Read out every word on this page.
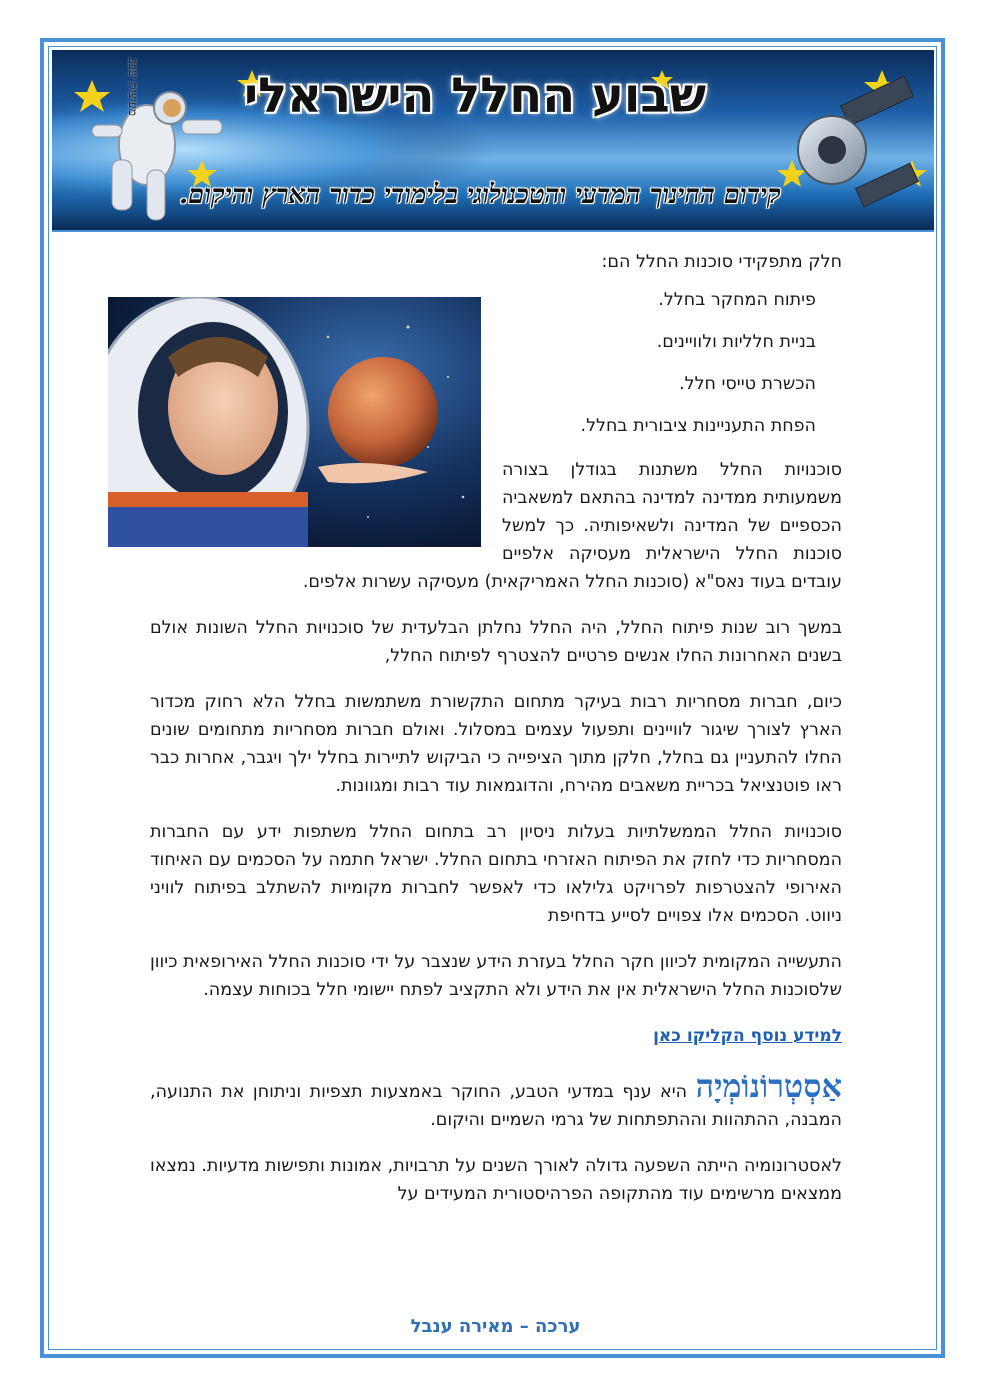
מעיצות שכב	שבוע החלל הישראלי
קידום החינוך המדעי והטכנולוגי בלימודי כדור הארץ והיקום.

חלק מתפקידי סוכנות החלל הם:

פיתוח המחקר בחלל.
בניית חלליות ולוויינים.
הכשרת טייסי חלל.
הפחת התעניינות ציבורית בחלל.

סוכנויות החלל משתנות בגודלן בצורה משמעותית ממדינה למדינה בהתאם למשאביה הכספיים של המדינה ולשאיפותיה. כך למשל סוכנות החלל הישראלית מעסיקה אלפיים עובדים בעוד נאס"א (סוכנות החלל האמריקאית) מעסיקה עשרות אלפים.

במשך רוב שנות פיתוח החלל, היה החלל נחלתן הבלעדית של סוכנויות החלל השונות אולם בשנים האחרונות החלו אנשים פרטיים להצטרף לפיתוח החלל,

כיום, חברות מסחריות רבות בעיקר מתחום התקשורת משתמשות בחלל הלא רחוק מכדור הארץ לצורך שיגור לוויינים ותפעול עצמים במסלול. ואולם חברות מסחריות מתחומים שונים החלו להתעניין גם בחלל, חלקן מתוך הציפייה כי הביקוש לתיירות בחלל ילך ויגבר, אחרות כבר ראו פוטנציאל בכריית משאבים מהירח, והדוגמאות עוד רבות ומגוונות.

סוכנויות החלל הממשלתיות בעלות ניסיון רב בתחום החלל משתפות ידע עם החברות המסחריות כדי לחזק את הפיתוח האזרחי בתחום החלל. ישראל חתמה על הסכמים עם האיחוד האירופי להצטרפות לפרויקט גלילאו כדי לאפשר לחברות מקומיות להשתלב בפיתוח לוויני ניווט. הסכמים אלו צפויים לסייע בדחיפת

התעשייה המקומית לכיוון חקר החלל בעזרת הידע שנצבר על ידי סוכנות החלל האירופאית כיוון שלסוכנות החלל הישראלית אין את הידע ולא התקציב לפתח יישומי חלל בכוחות עצמה.

למידע נוסף הקליקו כאן

אַסְטְרוֹנוֹמְיָה היא ענף במדעי הטבע, החוקר באמצעות תצפיות וניתוחן את התנועה, המבנה, ההתהוות וההתפתחות של גרמי השמיים והיקום.

לאסטרונומיה הייתה השפעה גדולה לאורך השנים על תרבויות, אמונות ותפישות מדעיות. נמצאו ממצאים מרשימים עוד מהתקופה הפרהיסטורית המעידים על

ערכה – מאירה ענבל
